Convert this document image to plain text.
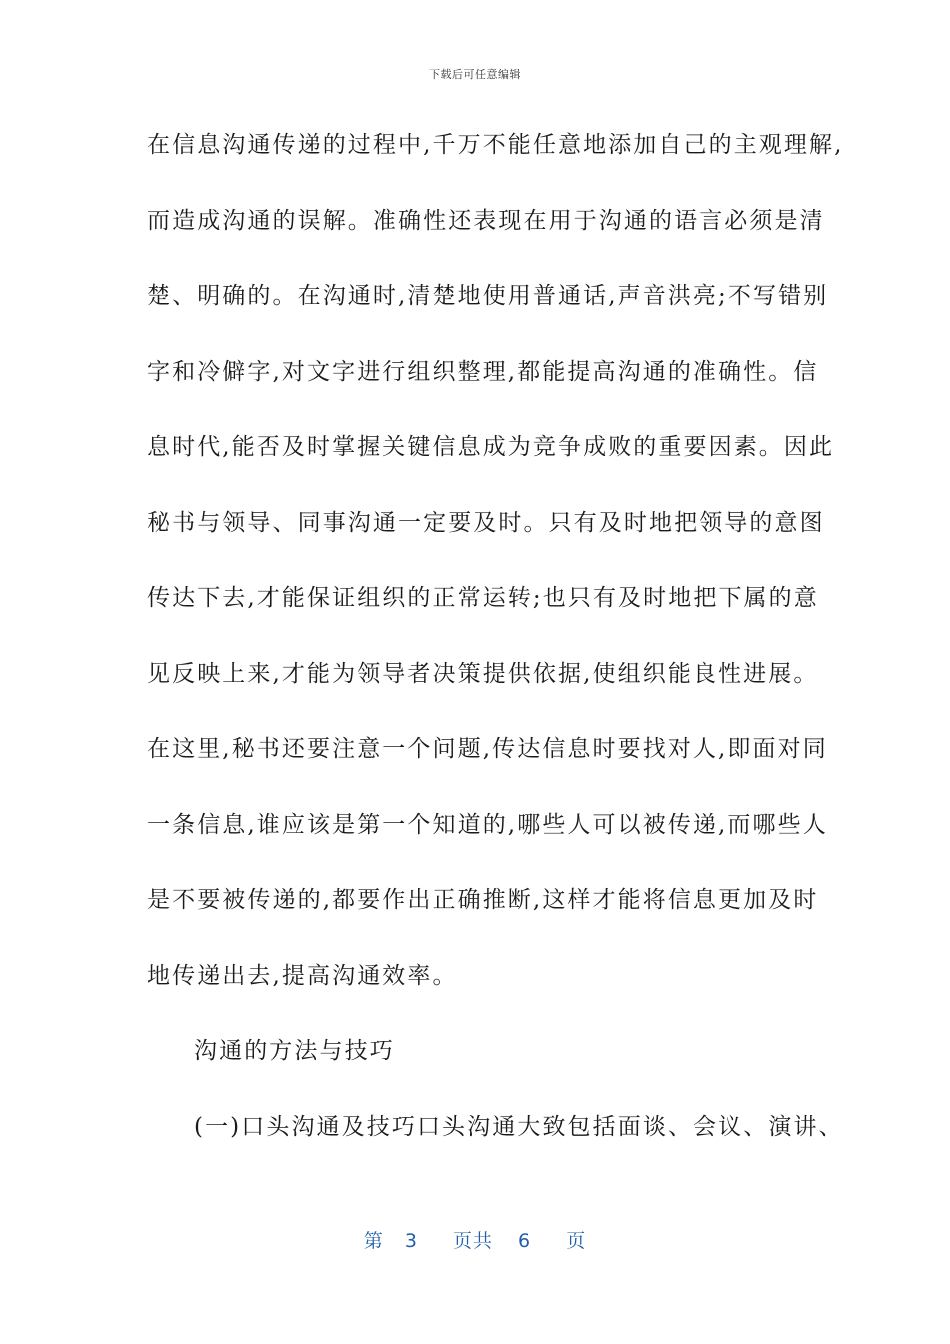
下载后可任意编辑
在信息沟通传递的过程中,千万不能任意地添加自己的主观理解,
而造成沟通的误解。准确性还表现在用于沟通的语言必须是清
楚、明确的。在沟通时,清楚地使用普通话,声音洪亮;不写错别
字和冷僻字,对文字进行组织整理,都能提高沟通的准确性。信
息时代,能否及时掌握关键信息成为竞争成败的重要因素。因此
秘书与领导、同事沟通一定要及时。只有及时地把领导的意图
传达下去,才能保证组织的正常运转;也只有及时地把下属的意
见反映上来,才能为领导者决策提供依据,使组织能良性进展。
在这里,秘书还要注意一个问题,传达信息时要找对人,即面对同
一条信息,谁应该是第一个知道的,哪些人可以被传递,而哪些人
是不要被传递的,都要作出正确推断,这样才能将信息更加及时
地传递出去,提高沟通效率。
沟通的方法与技巧
(一)口头沟通及技巧口头沟通大致包括面谈、会议、演讲、
第 3 页共 6 页
